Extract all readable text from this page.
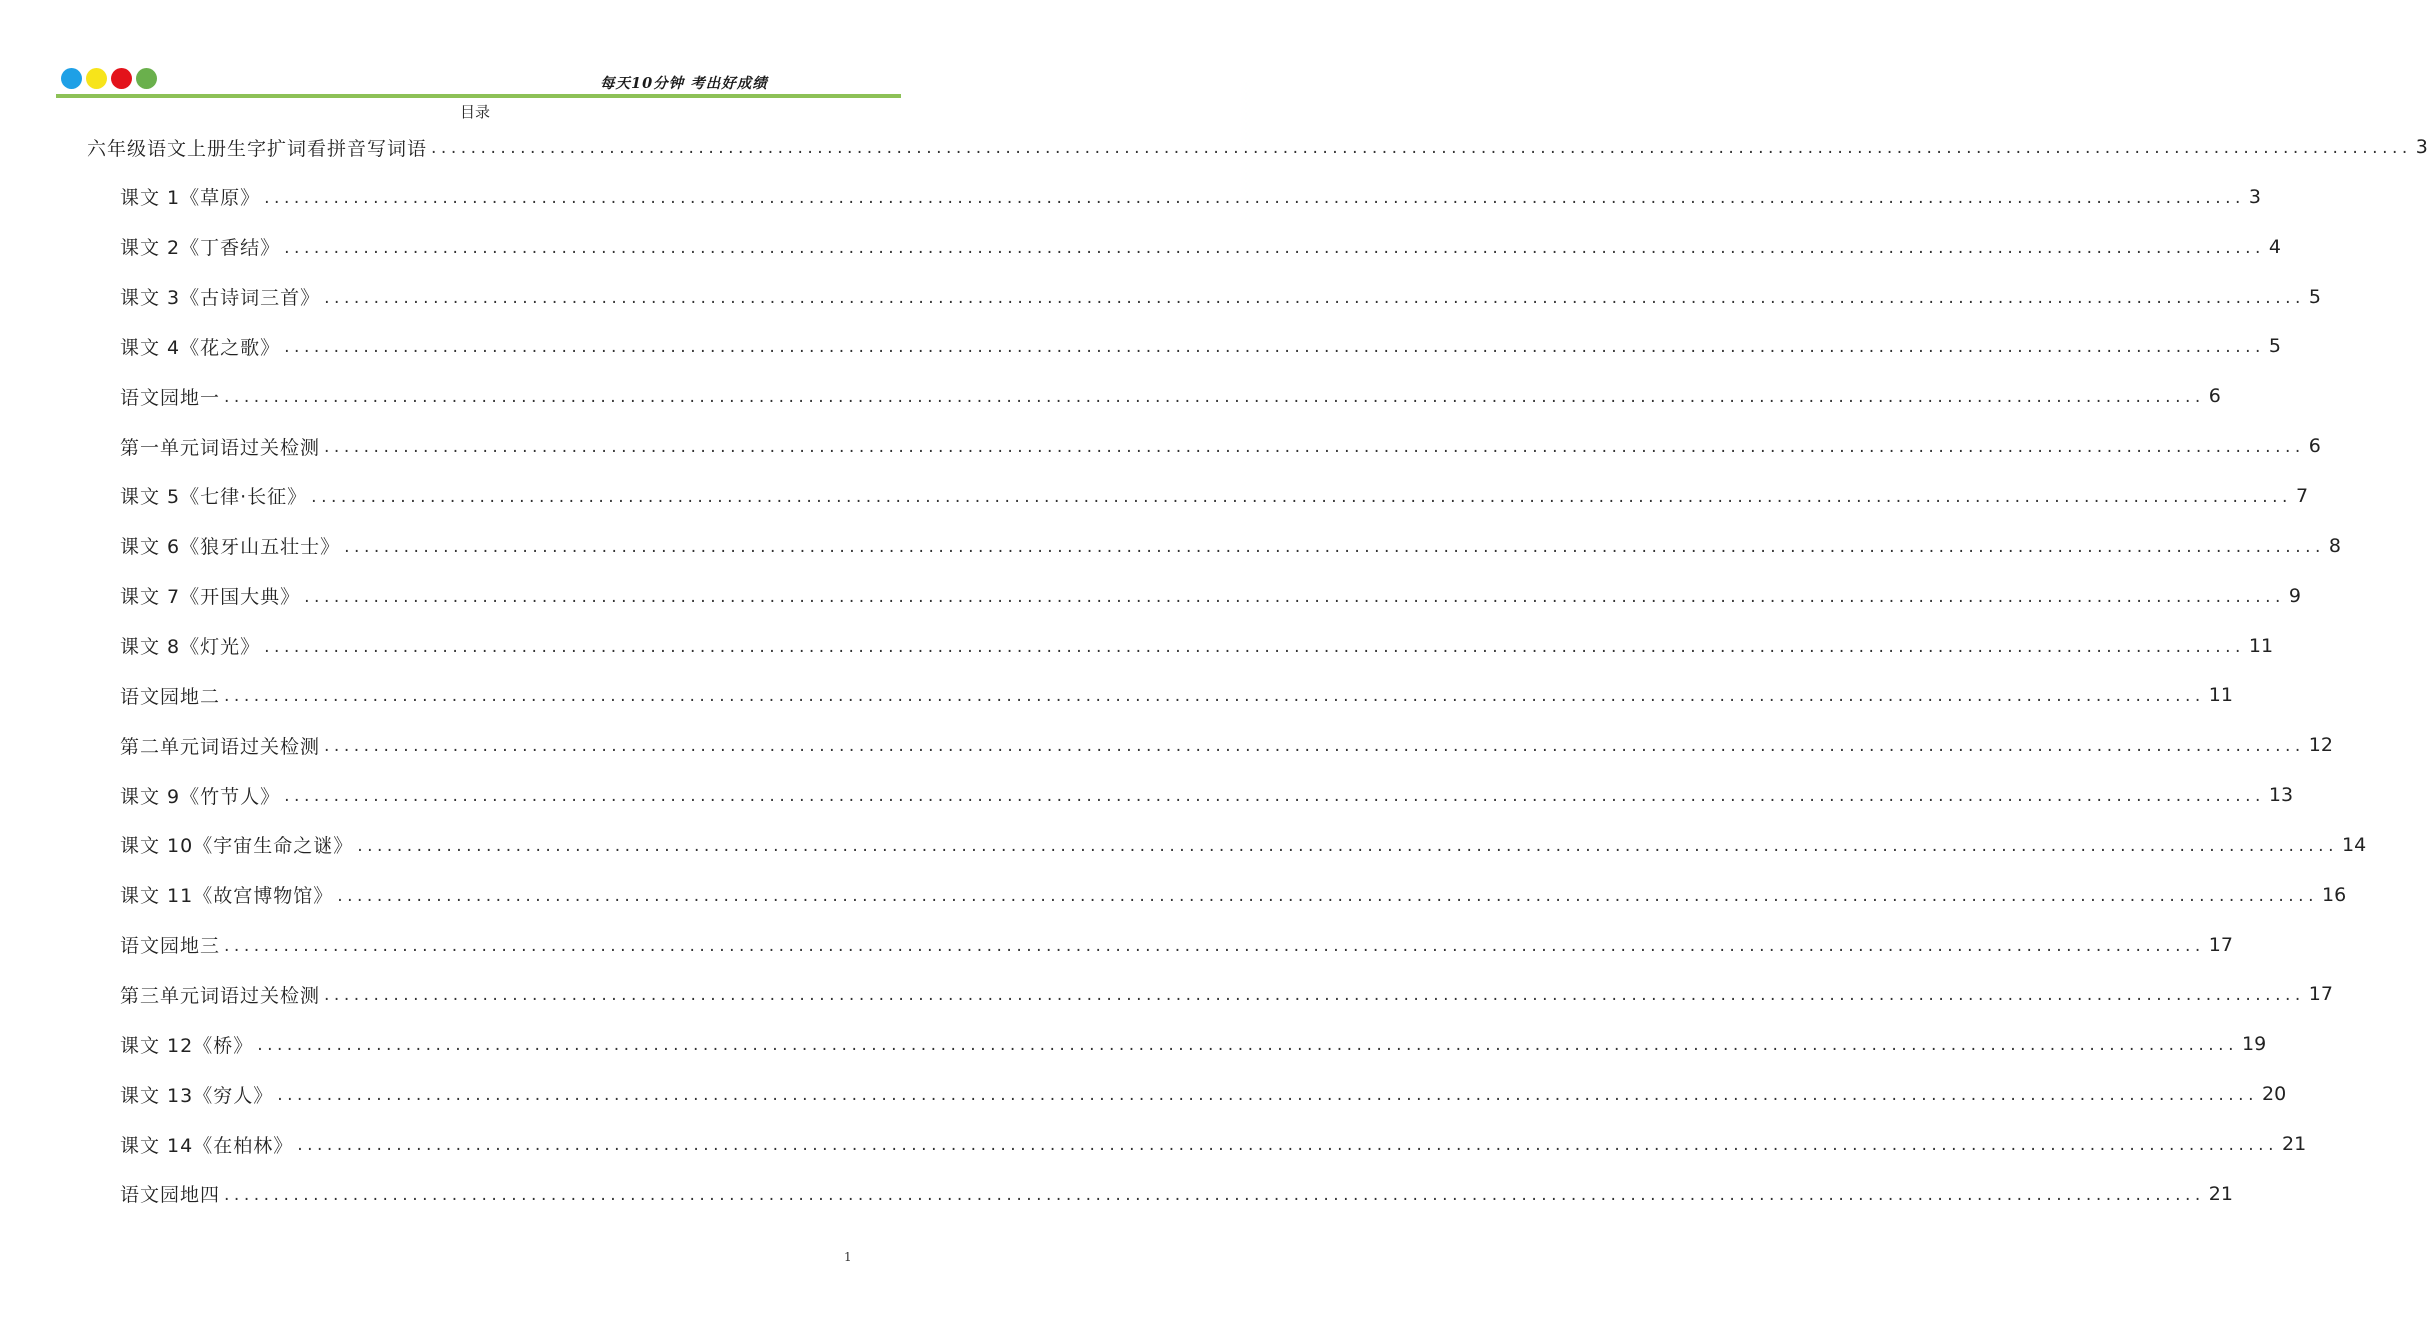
每天10分钟 考出好成绩
目录
六年级语文上册生字扩词看拼音写词语 ........................................................................................................................................................................................................ 3
课文 1《草原》 ........................................................................................................................................................................................................ 3
课文 2《丁香结》 ........................................................................................................................................................................................................ 4
课文 3《古诗词三首》 ........................................................................................................................................................................................................ 5
课文 4《花之歌》 ........................................................................................................................................................................................................ 5
语文园地一 ........................................................................................................................................................................................................ 6
第一单元词语过关检测 ........................................................................................................................................................................................................ 6
课文 5《七律·长征》 ........................................................................................................................................................................................................ 7
课文 6《狼牙山五壮士》 ........................................................................................................................................................................................................ 8
课文 7《开国大典》 ........................................................................................................................................................................................................ 9
课文 8《灯光》 ........................................................................................................................................................................................................ 11
语文园地二 ........................................................................................................................................................................................................ 11
第二单元词语过关检测 ........................................................................................................................................................................................................ 12
课文 9《竹节人》 ........................................................................................................................................................................................................ 13
课文 10《宇宙生命之谜》 ........................................................................................................................................................................................................ 14
课文 11《故宫博物馆》 ........................................................................................................................................................................................................ 16
语文园地三 ........................................................................................................................................................................................................ 17
第三单元词语过关检测 ........................................................................................................................................................................................................ 17
课文 12《桥》 ........................................................................................................................................................................................................ 19
课文 13《穷人》 ........................................................................................................................................................................................................ 20
课文 14《在柏林》 ........................................................................................................................................................................................................ 21
语文园地四 ........................................................................................................................................................................................................ 21
1
